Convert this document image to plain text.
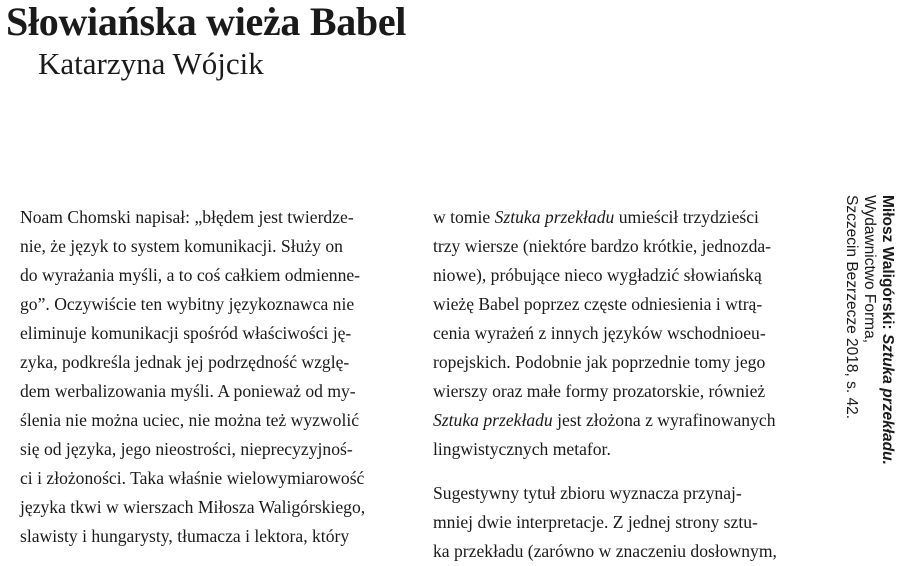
Słowiańska wieża Babel
Katarzyna Wójcik
Noam Chomski napisał: „błędem jest twierdze-
nie, że język to system komunikacji. Służy on
do wyrażania myśli, a to coś całkiem odmienne-
go”. Oczywiście ten wybitny językoznawca nie
eliminuje komunikacji spośród właściwości ję-
zyka, podkreśla jednak jej podrzędność wzglę-
dem werbalizowania myśli. A ponieważ od my-
ślenia nie można uciec, nie można też wyzwolić
się od języka, jego nieostrości, nieprecyzyjnoś-
ci i złożoności. Taka właśnie wielowymiarowość
języka tkwi w wierszach Miłosza Waligórskiego,
slawisty i hungarysty, tłumacza i lektora, który
w tomie Sztuka przekładu umieścił trzydzieści
trzy wiersze (niektóre bardzo krótkie, jednozda-
niowe), próbujące nieco wygładzić słowiańską
wieżę Babel poprzez częste odniesienia i wtrą-
cenia wyrażeń z innych języków wschodnioeu-
ropejskich. Podobnie jak poprzednie tomy jego
wierszy oraz małe formy prozatorskie, również
Sztuka przekładu jest złożona z wyrafinowanych
lingwistycznych metafor.
Sugestywny tytuł zbioru wyznacza przynaj-
mniej dwie interpretacje. Z jednej strony sztu-
ka przekładu (zarówno w znaczeniu dosłownym,
Miłosz Waligórski: Sztuka przekładu.
Wydawnictwo Forma,
Szczecin Bezrzecze 2018, s. 42.
